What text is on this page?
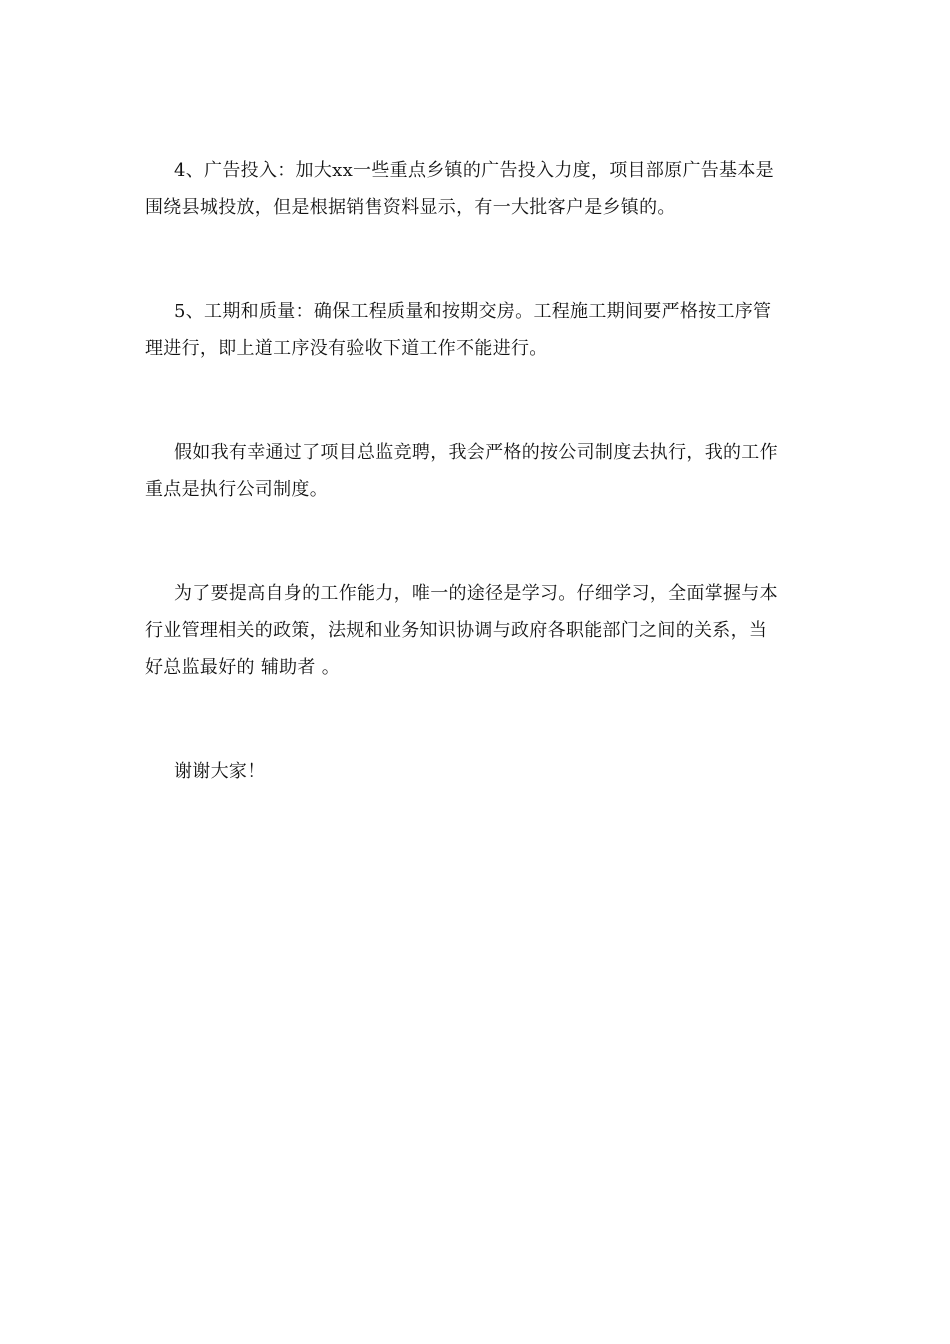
4、广告投入：加大xx一些重点乡镇的广告投入力度，项目部原广告基本是
围绕县城投放，但是根据销售资料显示，有一大批客户是乡镇的。
5、工期和质量：确保工程质量和按期交房。工程施工期间要严格按工序管
理进行，即上道工序没有验收下道工作不能进行。
假如我有幸通过了项目总监竞聘，我会严格的按公司制度去执行，我的工作
重点是执行公司制度。
为了要提高自身的工作能力，唯一的途径是学习。仔细学习，全面掌握与本
行业管理相关的政策，法规和业务知识协调与政府各职能部门之间的关系，当
好总监最好的 辅助者 。
谢谢大家！
